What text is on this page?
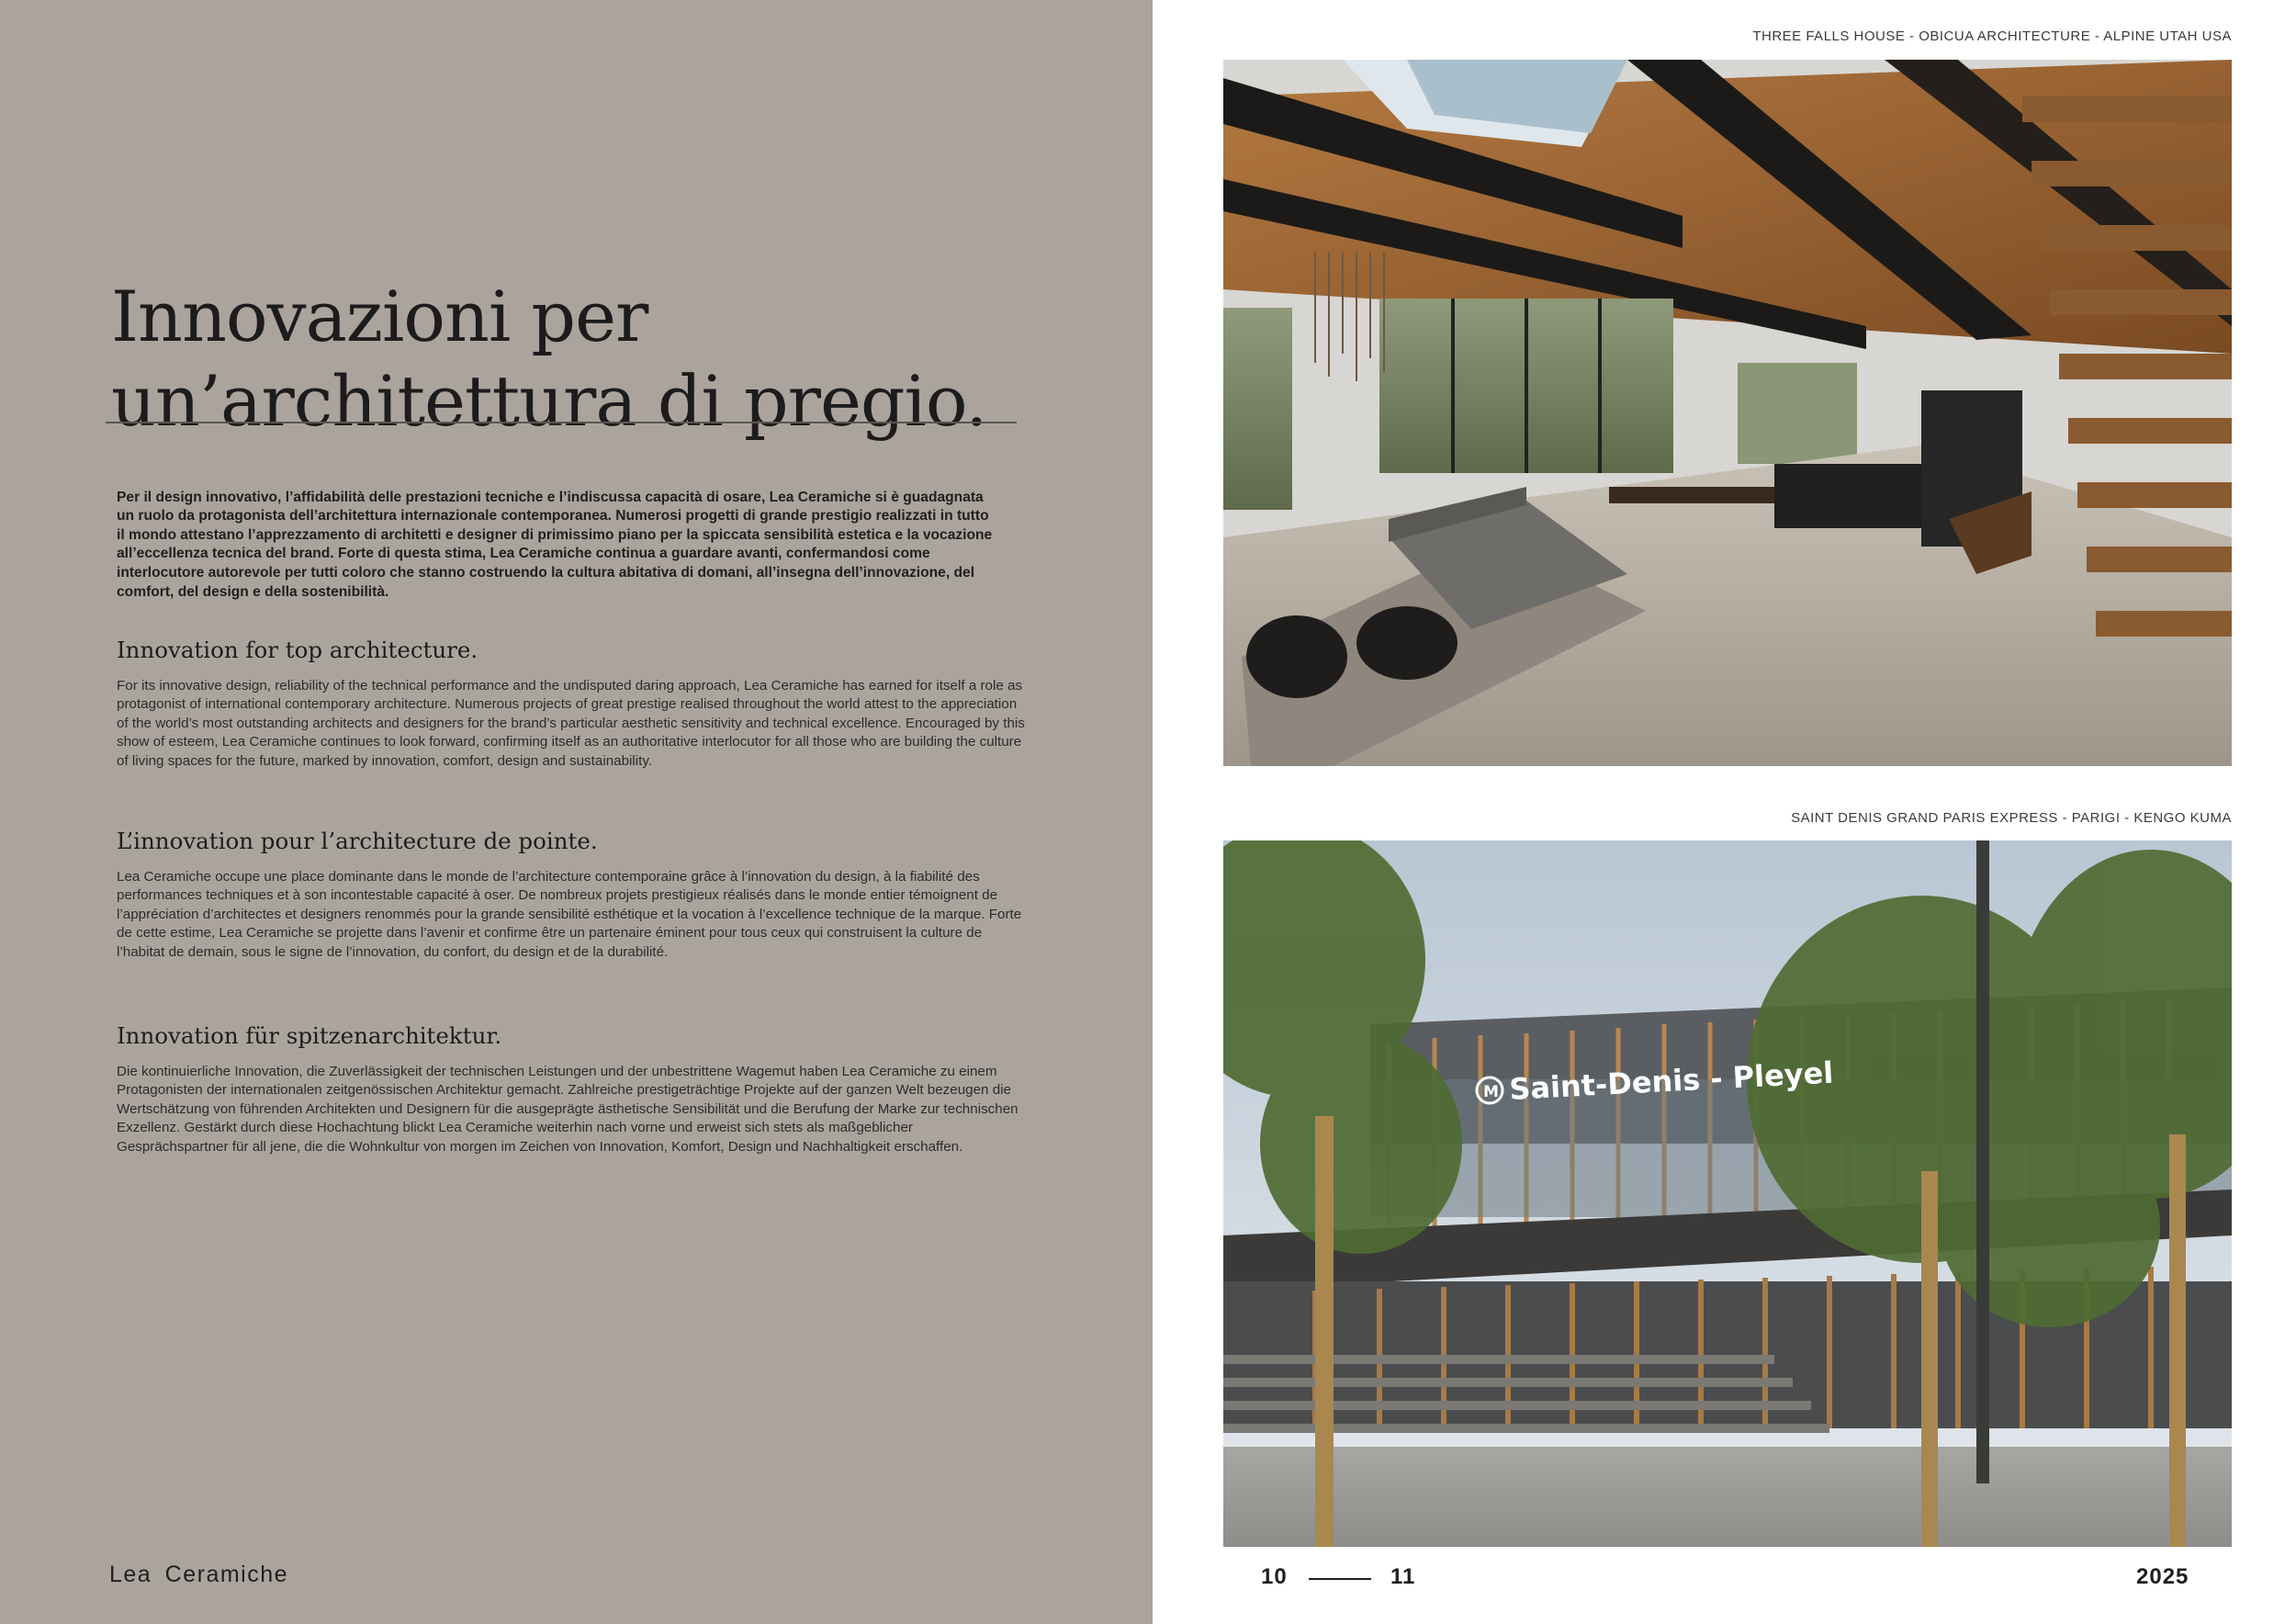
Innovazioni per
un’architettura di pregio.

Per il design innovativo, l’affidabilità delle prestazioni tecniche e l’indiscussa capacità di osare, Lea Ceramiche si è guadagnata un ruolo da protagonista dell’architettura internazionale contemporanea. Numerosi progetti di grande prestigio realizzati in tutto il mondo attestano l’apprezzamento di architetti e designer di primissimo piano per la spiccata sensibilità estetica e la vocazione all’eccellenza tecnica del brand. Forte di questa stima, Lea Ceramiche continua a guardare avanti, confermandosi come interlocutore autorevole per tutti coloro che stanno costruendo la cultura abitativa di domani, all’insegna dell’innovazione, del comfort, del design e della sostenibilità.

Innovation for top architecture.

For its innovative design, reliability of the technical performance and the undisputed daring approach, Lea Ceramiche has earned for itself a role as protagonist of international contemporary architecture. Numerous projects of great prestige realised throughout the world attest to the appreciation of the world’s most outstanding architects and designers for the brand’s particular aesthetic sensitivity and technical excellence. Encouraged by this show of esteem, Lea Ceramiche continues to look forward, confirming itself as an authoritative interlocutor for all those who are building the culture of living spaces for the future, marked by innovation, comfort, design and sustainability.

L’innovation pour l’architecture de pointe.

Lea Ceramiche occupe une place dominante dans le monde de l’architecture contemporaine grâce à l’innovation du design, à la fiabilité des performances techniques et à son incontestable capacité à oser. De nombreux projets prestigieux réalisés dans le monde entier témoignent de l’appréciation d’architectes et designers renommés pour la grande sensibilité esthétique et la vocation à l’excellence technique de la marque. Forte de cette estime, Lea Ceramiche se projette dans l’avenir et confirme être un partenaire éminent pour tous ceux qui construisent la culture de l’habitat de demain, sous le signe de l’innovation, du confort, du design et de la durabilité.

Innovation für spitzenarchitektur.

Die kontinuierliche Innovation, die Zuverlässigkeit der technischen Leistungen und der unbestrittene Wagemut haben Lea Ceramiche zu einem Protagonisten der internationalen zeitgenössischen Architektur gemacht. Zahlreiche prestigeträchtige Projekte auf der ganzen Welt bezeugen die Wertschätzung von führenden Architekten und Designern für die ausgeprägte ästhetische Sensibilität und die Berufung der Marke zur technischen Exzellenz. Gestärkt durch diese Hochachtung blickt Lea Ceramiche weiterhin nach vorne und erweist sich stets als maßgeblicher Gesprächspartner für all jene, die die Wohnkultur von morgen im Zeichen von Innovation, Komfort, Design und Nachhaltigkeit erschaffen.

Lea Ceramiche
THREE FALLS HOUSE - OBICUA ARCHITECTURE - ALPINE UTAH USA
SAINT DENIS GRAND PARIS EXPRESS - PARIGI - KENGO KUMA
M Saint-Denis - Pleyel
10	11	2025
